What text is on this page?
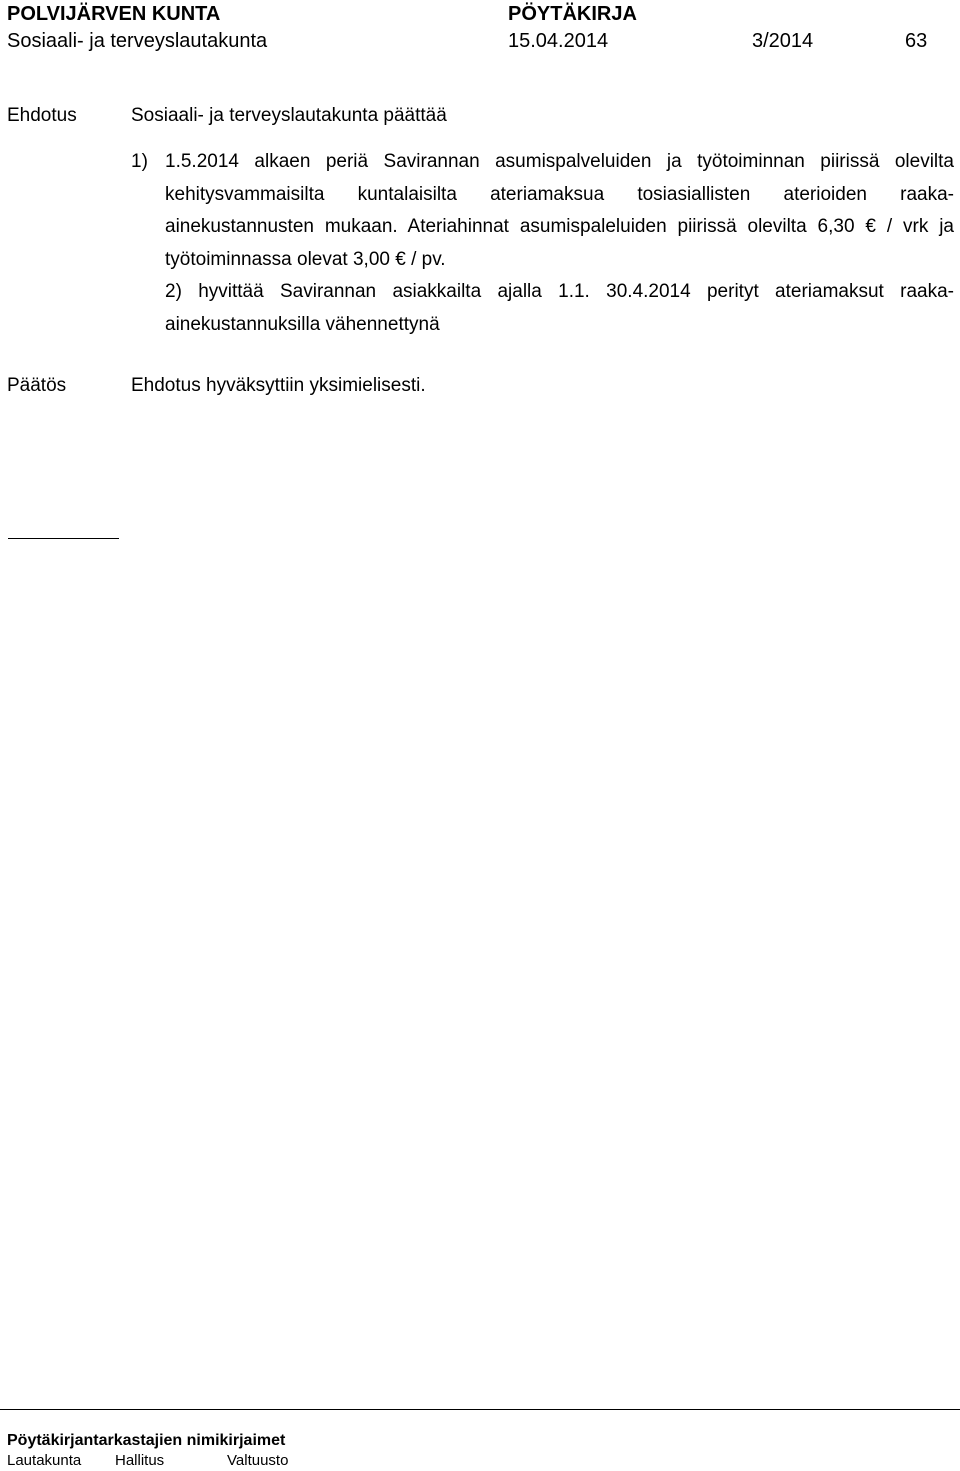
POLVIJÄRVEN KUNTA	PÖYTÄKIRJA
Sosiaali- ja terveyslautakunta	15.04.2014	3/2014	63
Ehdotus	Sosiaali- ja terveyslautakunta päättää
1) 1.5.2014 alkaen periä Savirannan asumispalveluiden ja työtoiminnan piirissä olevilta kehitysvammaisilta kuntalaisilta ateriamaksua tosiasiallisten aterioiden raaka-ainekustannusten mukaan. Ateriahinnat asumispaleluiden piirissä olevilta 6,30 € / vrk ja työtoiminnassa olevat 3,00 € / pv.
2) hyvittää Savirannan asiakkailta ajalla 1.1. 30.4.2014 perityt ateriamaksut raaka-ainekustannuksilla vähennettynä
Päätös	Ehdotus hyväksyttiin yksimielisesti.
Pöytäkirjantarkastajien nimikirjaimet
Lautakunta Hallitus	Valtuusto
